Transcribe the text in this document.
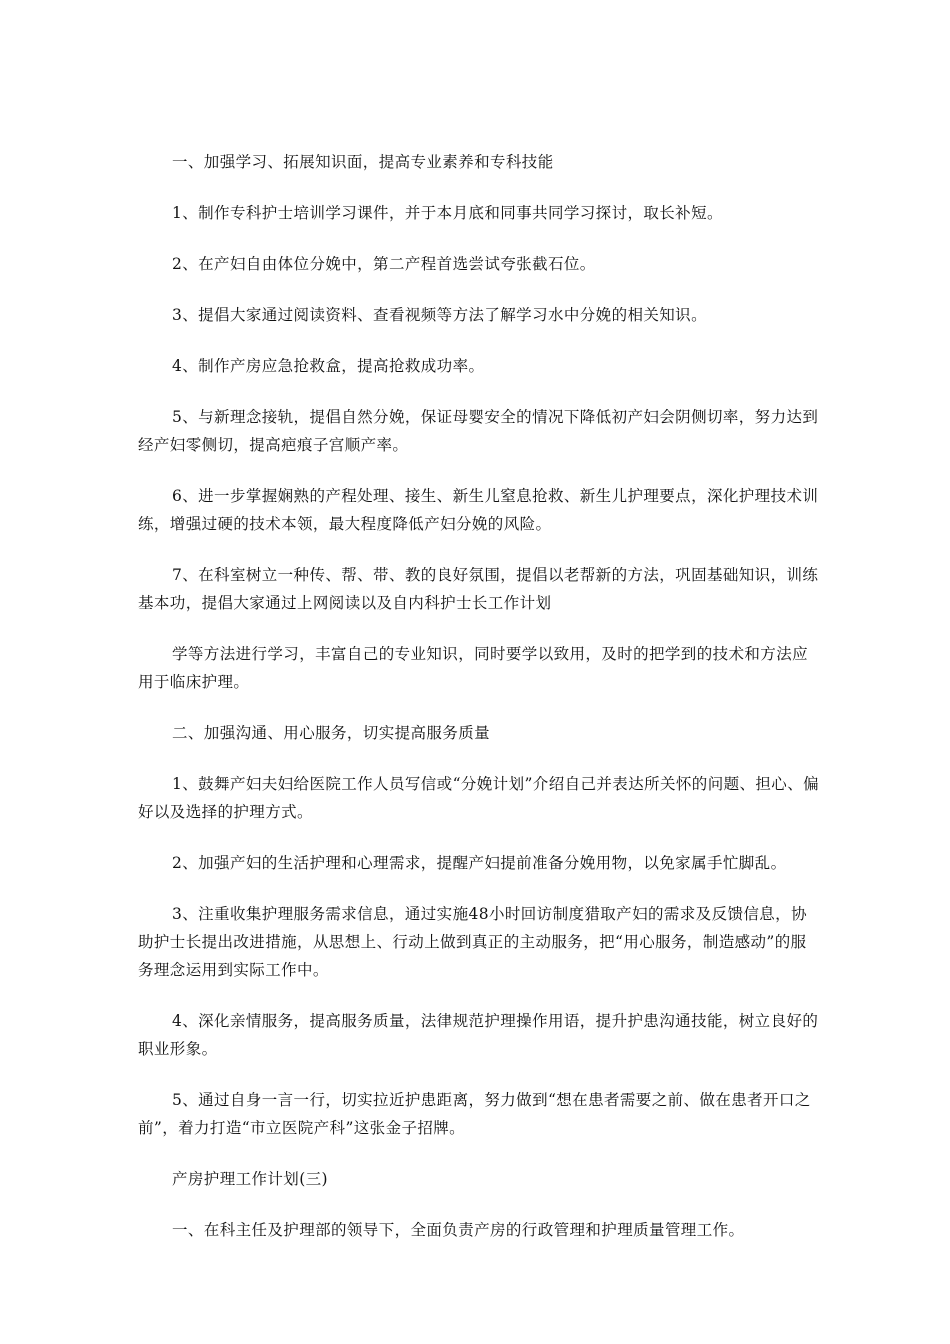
一、加强学习、拓展知识面，提高专业素养和专科技能

1、制作专科护士培训学习课件，并于本月底和同事共同学习探讨，取长补短。

2、在产妇自由体位分娩中，第二产程首选尝试夸张截石位。

3、提倡大家通过阅读资料、查看视频等方法了解学习水中分娩的相关知识。

4、制作产房应急抢救盒，提高抢救成功率。

5、与新理念接轨，提倡自然分娩，保证母婴安全的情况下降低初产妇会阴侧切率，努力达到经产妇零侧切，提高疤痕子宫顺产率。

6、进一步掌握娴熟的产程处理、接生、新生儿窒息抢救、新生儿护理要点，深化护理技术训练，增强过硬的技术本领，最大程度降低产妇分娩的风险。

7、在科室树立一种传、帮、带、教的良好氛围，提倡以老帮新的方法，巩固基础知识，训练基本功，提倡大家通过上网阅读以及自内科护士长工作计划

学等方法进行学习，丰富自己的专业知识，同时要学以致用，及时的把学到的技术和方法应用于临床护理。

二、加强沟通、用心服务，切实提高服务质量

1、鼓舞产妇夫妇给医院工作人员写信或“分娩计划”介绍自己并表达所关怀的问题、担心、偏好以及选择的护理方式。

2、加强产妇的生活护理和心理需求，提醒产妇提前准备分娩用物，以免家属手忙脚乱。

3、注重收集护理服务需求信息，通过实施48小时回访制度猎取产妇的需求及反馈信息，协助护士长提出改进措施，从思想上、行动上做到真正的主动服务，把“用心服务，制造感动”的服务理念运用到实际工作中。

4、深化亲情服务，提高服务质量，法律规范护理操作用语，提升护患沟通技能，树立良好的职业形象。

5、通过自身一言一行，切实拉近护患距离，努力做到“想在患者需要之前、做在患者开口之前”，着力打造“市立医院产科”这张金子招牌。

产房护理工作计划(三)

一、在科主任及护理部的领导下，全面负责产房的行政管理和护理质量管理工作。
